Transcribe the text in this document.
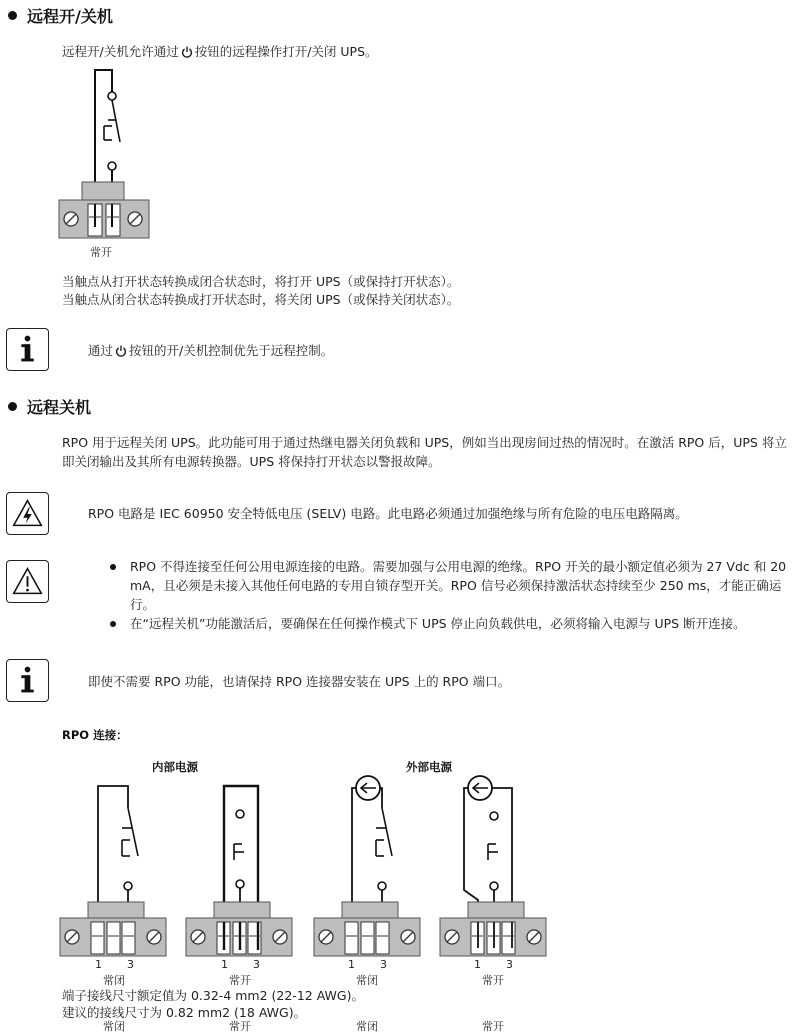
远程开/关机
远程开/关机允许通过 按钮的远程操作打开/关闭 UPS。
常开
当触点从打开状态转换成闭合状态时，将打开 UPS（或保持打开状态）。
当触点从闭合状态转换成打开状态时，将关闭 UPS（或保持关闭状态）。
通过 按钮的开/关机控制优先于远程控制。
远程关机
RPO 用于远程关闭 UPS。此功能可用于通过热继电器关闭负载和 UPS，例如当出现房间过热的情况时。在激活 RPO 后，UPS 将立即关闭输出及其所有电源转换器。UPS 将保持打开状态以警报故障。
RPO 电路是 IEC 60950 安全特低电压 (SELV) 电路。此电路必须通过加强绝缘与所有危险的电压电路隔离。
RPO 不得连接至任何公用电源连接的电路。需要加强与公用电源的绝缘。RPO 开关的最小额定值必须为 27 Vdc 和 20 mA，且必须是未接入其他任何电路的专用自锁存型开关。RPO 信号必须保持激活状态持续至少 250 ms，才能正确运行。
在“远程关机”功能激活后，要确保在任何操作模式下 UPS 停止向负载供电，必须将输入电源与 UPS 断开连接。
即使不需要 RPO 功能，也请保持 RPO 连接器安装在 UPS 上的 RPO 端口。
RPO 连接：
内部电源	外部电源
1 3
常闭
1 3
常开
1 3
常闭
1 3
常开
端子接线尺寸额定值为 0.32-4 mm2 (22-12 AWG)。
建议的接线尺寸为 0.82 mm2 (18 AWG)。
常闭	常开	常闭	常开
